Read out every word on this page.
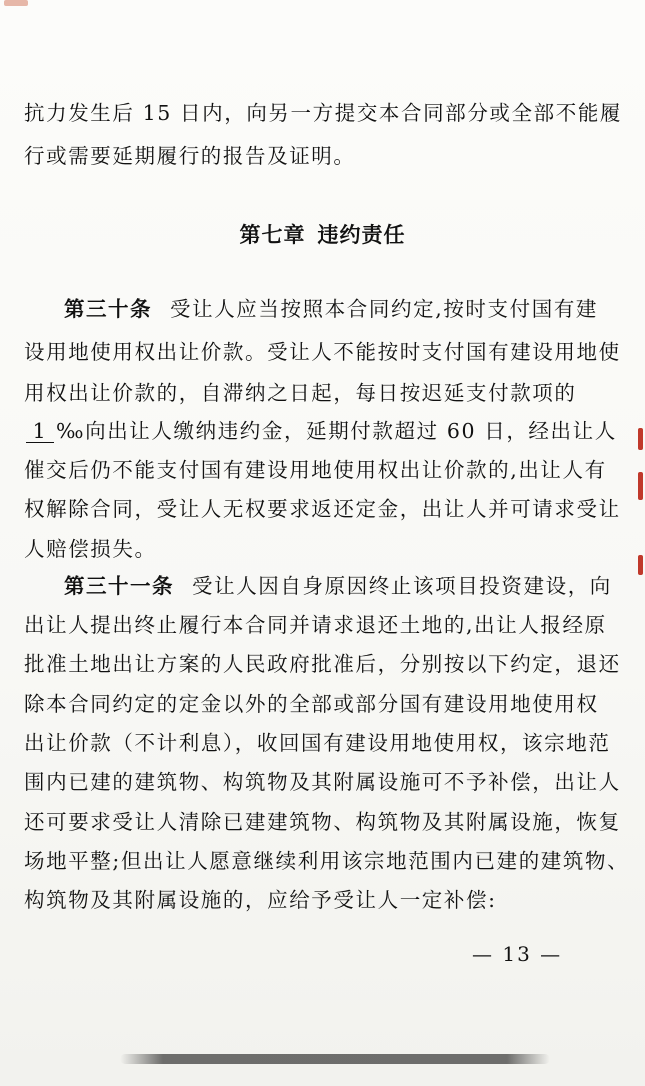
抗力发生后 15 日内，向另一方提交本合同部分或全部不能履
行或需要延期履行的报告及证明。
第七章 违约责任
第三十条 受让人应当按照本合同约定,按时支付国有建
设用地使用权出让价款。受让人不能按时支付国有建设用地使
用权出让价款的，自滞纳之日起，每日按迟延支付款项的
1 ‰向出让人缴纳违约金，延期付款超过 60 日，经出让人
催交后仍不能支付国有建设用地使用权出让价款的,出让人有
权解除合同，受让人无权要求返还定金，出让人并可请求受让
人赔偿损失。
第三十一条 受让人因自身原因终止该项目投资建设，向
出让人提出终止履行本合同并请求退还土地的,出让人报经原
批准土地出让方案的人民政府批准后，分别按以下约定，退还
除本合同约定的定金以外的全部或部分国有建设用地使用权
出让价款（不计利息），收回国有建设用地使用权，该宗地范
围内已建的建筑物、构筑物及其附属设施可不予补偿，出让人
还可要求受让人清除已建建筑物、构筑物及其附属设施，恢复
场地平整;但出让人愿意继续利用该宗地范围内已建的建筑物、
构筑物及其附属设施的，应给予受让人一定补偿:
— 13 —
